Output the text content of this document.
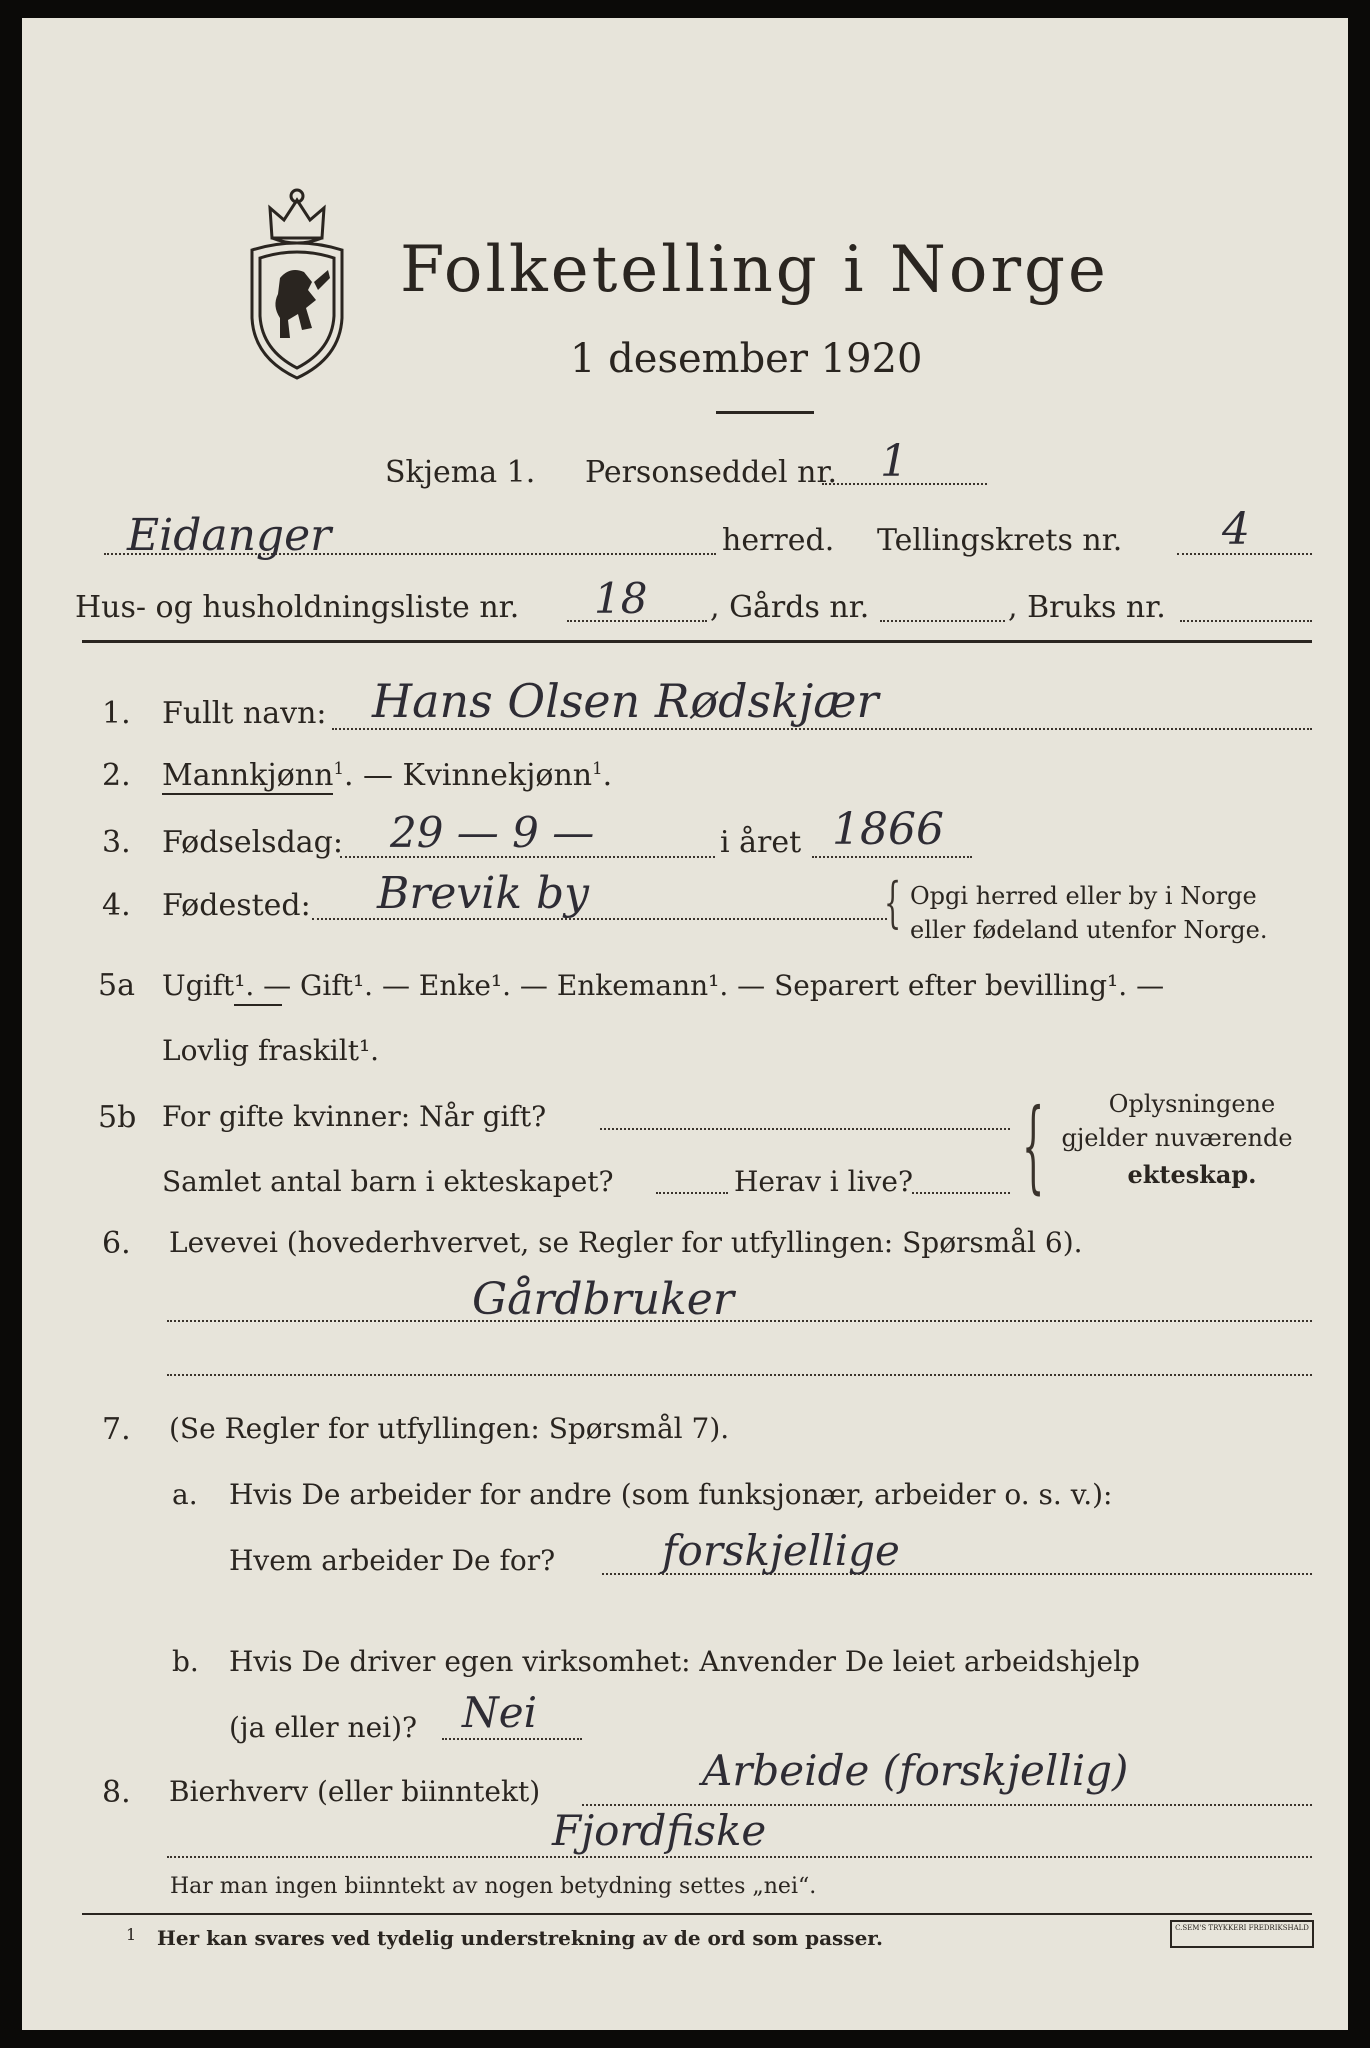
Folketelling i Norge
1 desember 1920
Skjema 1. Personseddel nr. 1
Eidanger	herred. Tellingskrets nr. 4
Hus- og husholdningsliste nr. 18 , Gårds nr.	, Bruks nr.
1. Fullt navn: Hans Olsen Rødskjær
2. Mannkjønn$^1$. — Kvinnekjønn$^1$.
3. Fødselsdag: 29 — 9 —	i året 1866
4. Fødested: Brevik by	{ Opgi herred eller by i Norge
eller fødeland utenfor Norge.
5a Ugift¹. — Gift¹. — Enke¹. — Enkemann¹. — Separert efter bevilling¹. —
Lovlig fraskilt¹.
5b For gifte kvinner: Når gift?
Samlet antal barn i ekteskapet?	Herav i live? {	Oplysningene
gjelder nuværende
ekteskap.
6. Levevei (hovederhvervet, se Regler for utfyllingen: Spørsmål 6).
Gårdbruker
7. (Se Regler for utfyllingen: Spørsmål 7).
a. Hvis De arbeider for andre (som funksjonær, arbeider o. s. v.):
Hvem arbeider De for?	forskjellige
b. Hvis De driver egen virksomhet: Anvender De leiet arbeidshjelp
(ja eller nei)? Nei
8. Bierhverv (eller biinntekt)	Arbeide (forskjellig)
Fjordfiske
Har man ingen biinntekt av nogen betydning settes „nei“.
1 Her kan svares ved tydelig understrekning av de ord som passer.	C.SEM'S TRYKKERI FREDRIKSHALD
